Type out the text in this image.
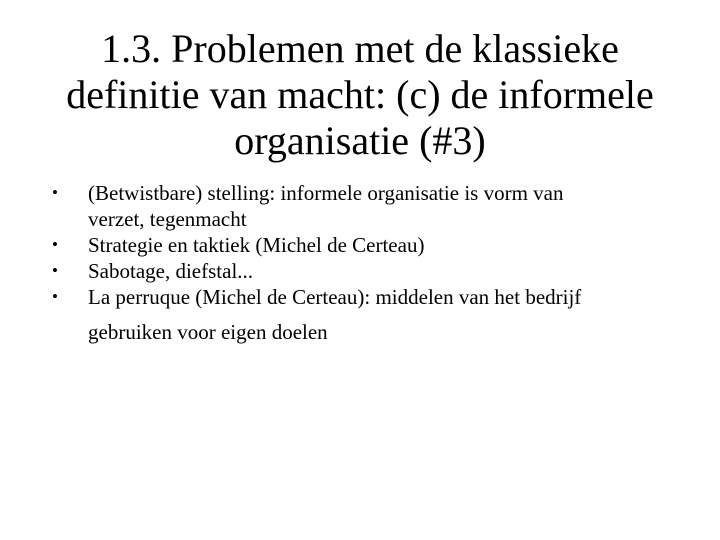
1.3. Problemen met de klassieke
definitie van macht: (c) de informele
organisatie (#3)
•	(Betwistbare) stelling: informele organisatie is vorm van
verzet, tegenmacht
•	Strategie en taktiek (Michel de Certeau)
•	Sabotage, diefstal...
•	La perruque (Michel de Certeau): middelen van het bedrijf
gebruiken voor eigen doelen
